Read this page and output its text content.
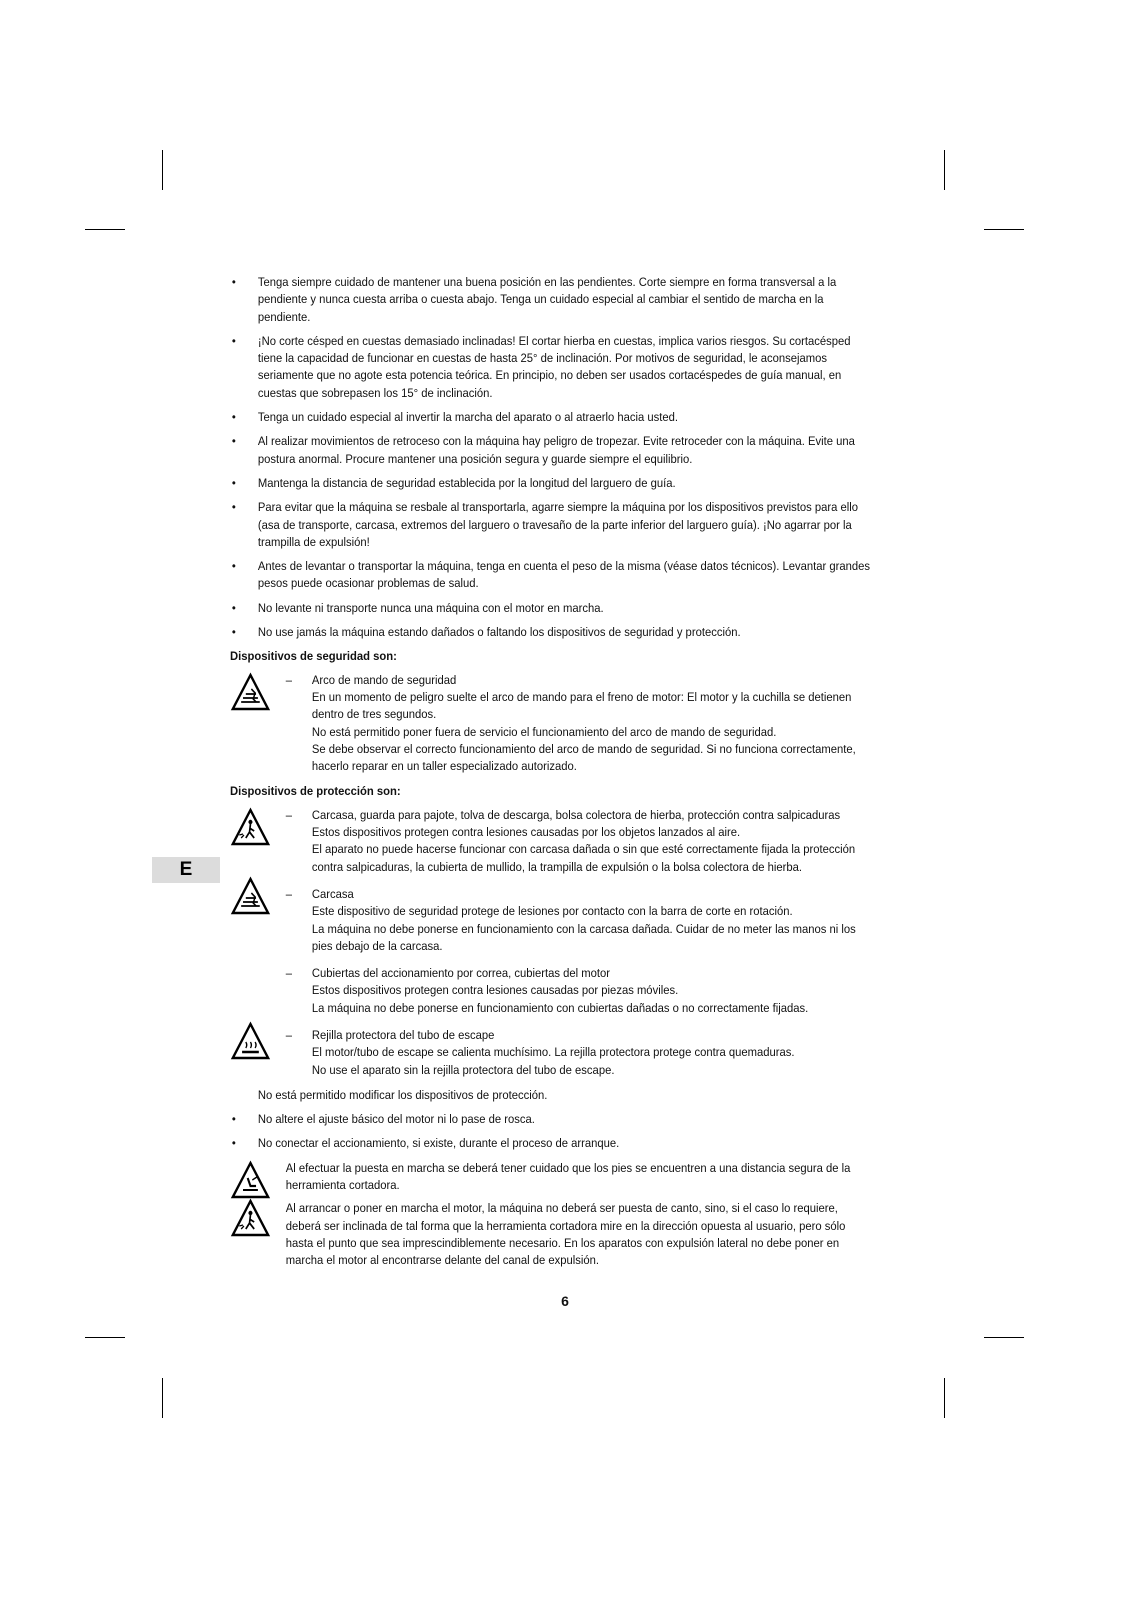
E
• Tenga siempre cuidado de mantener una buena posición en las pendientes. Corte siempre en forma transversal a la pendiente y nunca cuesta arriba o cuesta abajo. Tenga un cuidado especial al cambiar el sentido de marcha en la pendiente.
• ¡No corte césped en cuestas demasiado inclinadas! El cortar hierba en cuestas, implica varios riesgos. Su cortacésped tiene la capacidad de funcionar en cuestas de hasta 25° de inclinación. Por motivos de seguridad, le aconsejamos seriamente que no agote esta potencia teórica. En principio, no deben ser usados cortacéspedes de guía manual, en cuestas que sobrepasen los 15° de inclinación.
• Tenga un cuidado especial al invertir la marcha del aparato o al atraerlo hacia usted.
• Al realizar movimientos de retroceso con la máquina hay peligro de tropezar. Evite retroceder con la máquina. Evite una postura anormal. Procure mantener una posición segura y guarde siempre el equilibrio.
• Mantenga la distancia de seguridad establecida por la longitud del larguero de guía.
• Para evitar que la máquina se resbale al transportarla, agarre siempre la máquina por los dispositivos previstos para ello (asa de transporte, carcasa, extremos del larguero o travesaño de la parte inferior del larguero guía). ¡No agarrar por la trampilla de expulsión!
• Antes de levantar o transportar la máquina, tenga en cuenta el peso de la misma (véase datos técnicos). Levantar grandes pesos puede ocasionar problemas de salud.
• No levante ni transporte nunca una máquina con el motor en marcha.
• No use jamás la máquina estando dañados o faltando los dispositivos de seguridad y protección.
Dispositivos de seguridad son:
– Arco de mando de seguridad
En un momento de peligro suelte el arco de mando para el freno de motor: El motor y la cuchilla se detienen dentro de tres segundos.
No está permitido poner fuera de servicio el funcionamiento del arco de mando de seguridad.
Se debe observar el correcto funcionamiento del arco de mando de seguridad. Si no funciona correctamente, hacerlo reparar en un taller especializado autorizado.
Dispositivos de protección son:
– Carcasa, guarda para pajote, tolva de descarga, bolsa colectora de hierba, protección contra salpicaduras
Estos dispositivos protegen contra lesiones causadas por los objetos lanzados al aire.
El aparato no puede hacerse funcionar con carcasa dañada o sin que esté correctamente fijada la protección contra salpicaduras, la cubierta de mullido, la trampilla de expulsión o la bolsa colectora de hierba.
– Carcasa
Este dispositivo de seguridad protege de lesiones por contacto con la barra de corte en rotación.
La máquina no debe ponerse en funcionamiento con la carcasa dañada. Cuidar de no meter las manos ni los pies debajo de la carcasa.
– Cubiertas del accionamiento por correa, cubiertas del motor
Estos dispositivos protegen contra lesiones causadas por piezas móviles.
La máquina no debe ponerse en funcionamiento con cubiertas dañadas o no correctamente fijadas.
– Rejilla protectora del tubo de escape
El motor/tubo de escape se calienta muchísimo. La rejilla protectora protege contra quemaduras.
No use el aparato sin la rejilla protectora del tubo de escape.
No está permitido modificar los dispositivos de protección.
• No altere el ajuste básico del motor ni lo pase de rosca.
• No conectar el accionamiento, si existe, durante el proceso de arranque.
Al efectuar la puesta en marcha se deberá tener cuidado que los pies se encuentren a una distancia segura de la herramienta cortadora.
Al arrancar o poner en marcha el motor, la máquina no deberá ser puesta de canto, sino, si el caso lo requiere, deberá ser inclinada de tal forma que la herramienta cortadora mire en la dirección opuesta al usuario, pero sólo hasta el punto que sea imprescindiblemente necesario. En los aparatos con expulsión lateral no debe poner en marcha el motor al encontrarse delante del canal de expulsión.
6
